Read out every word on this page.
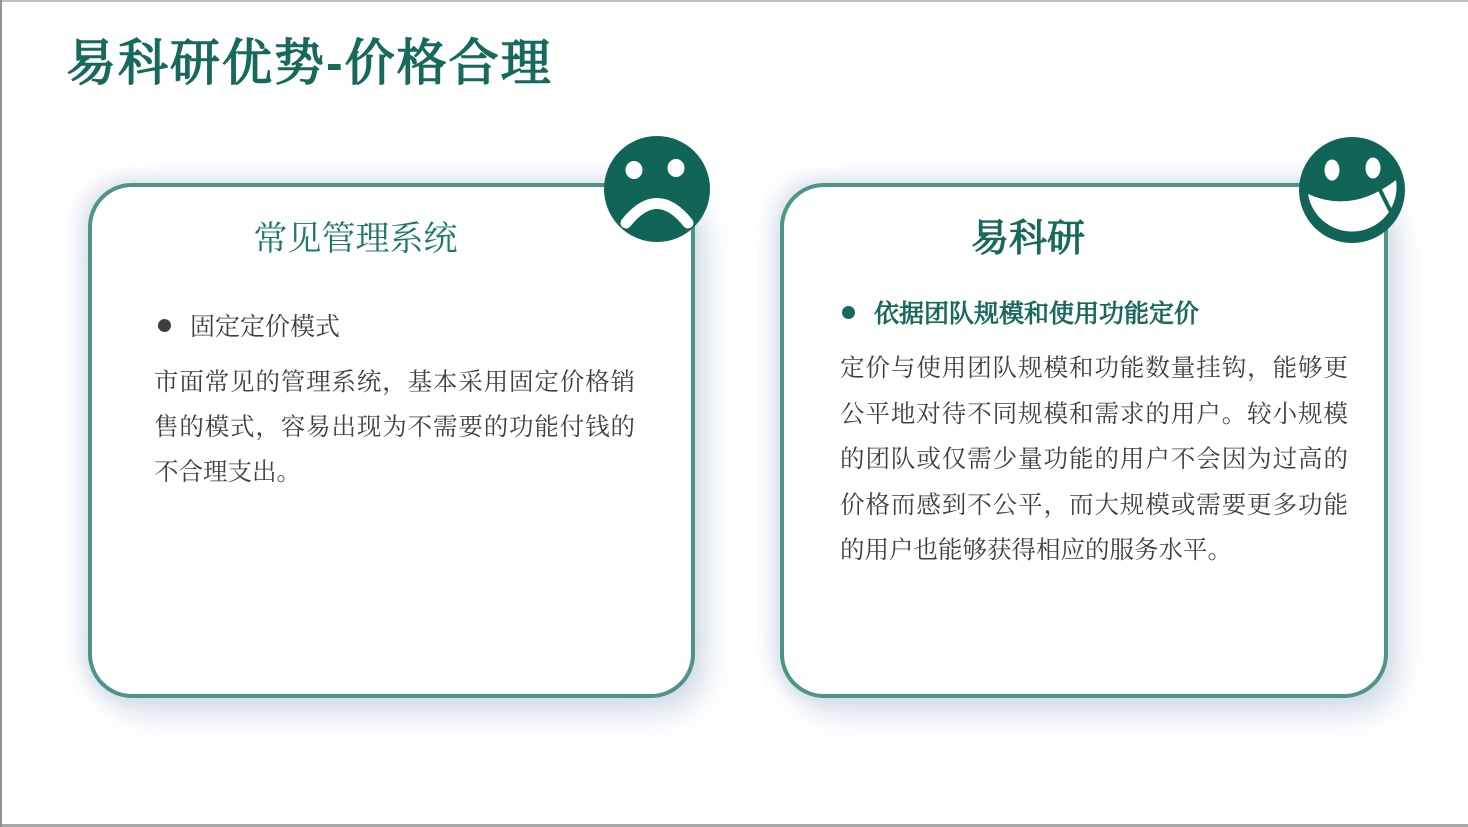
易科研优势-价格合理
常见管理系统
固定定价模式

市面常见的管理系统，基本采用固定价格销售的模式，容易出现为不需要的功能付钱的不合理支出。

易科研
依据团队规模和使用功能定价

定价与使用团队规模和功能数量挂钩，能够更公平地对待不同规模和需求的用户。较小规模的团队或仅需少量功能的用户不会因为过高的价格而感到不公平，而大规模或需要更多功能的用户也能够获得相应的服务水平。
